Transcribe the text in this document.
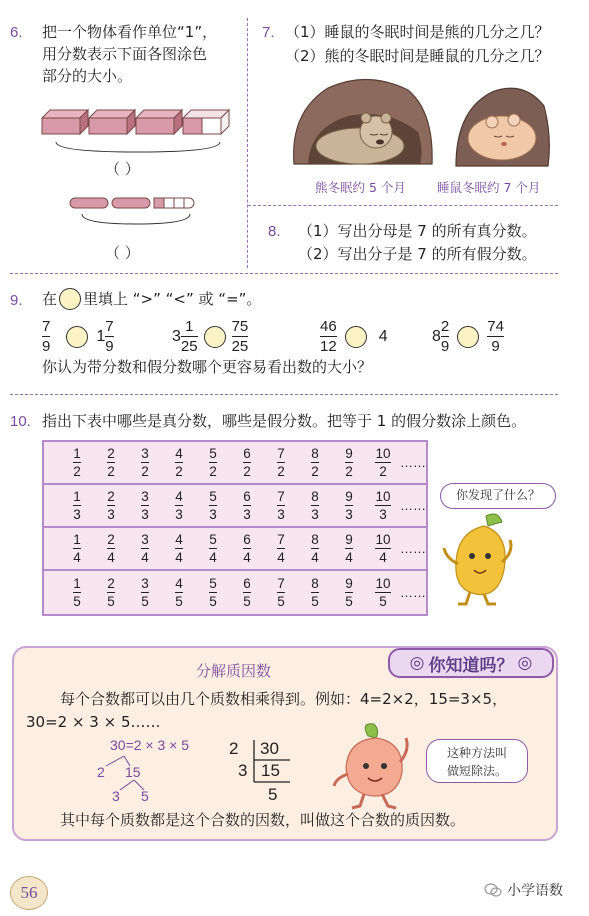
6. 把一个物体看作单位“1”，
用分数表示下面各图涂色
部分的大小。
（ ）
（ ）
7. （1）睡鼠的冬眠时间是熊的几分之几？
（2）熊的冬眠时间是睡鼠的几分之几？
熊冬眠约 5 个月 睡鼠冬眠约 7 个月
8. （1）写出分母是 7 的所有真分数。
（2）写出分子是 7 的所有假分数。
9. 在 里填上 “>” “<” 或 “=”。
$\frac{7}{9}$	$1 \frac{7}{9}$	$3 \frac{1}{25} \frac{75}{25}$	$\frac{46}{12}$	4	$8 \frac{2}{9}$	$\frac{74}{9}$
你认为带分数和假分数哪个更容易看出数的大小？
10. 指出下表中哪些是真分数，哪些是假分数。把等于 1 的假分数涂上颜色。
$\frac{1}{2} \frac{2}{2} \frac{3}{2} \frac{4}{2} \frac{5}{2} \frac{6}{2} \frac{7}{2} \frac{8}{2} \frac{9}{2} \frac{10}{2}$ ……
$\frac{1}{3} \frac{2}{3} \frac{3}{3} \frac{4}{3} \frac{5}{3} \frac{6}{3} \frac{7}{3} \frac{8}{3} \frac{9}{3} \frac{10}{3}$ ……
$\frac{1}{4} \frac{2}{4} \frac{3}{4} \frac{4}{4} \frac{5}{4} \frac{6}{4} \frac{7}{4} \frac{8}{4} \frac{9}{4} \frac{10}{4}$ ……
$\frac{1}{5} \frac{2}{5} \frac{3}{5} \frac{4}{5} \frac{5}{5} \frac{6}{5} \frac{7}{5} \frac{8}{5} \frac{9}{5} \frac{10}{5}$ ……
你发现了什么？
◎ 你知道吗？ ◎
分解质因数
每个合数都可以由几个质数相乘得到。例如：4=2×2，15=3×5，
30=2 × 3 × 5……
30=2 × 3 × 5
2 15
3 5
2 30
3 15
5
这种方法叫
做短除法。
其中每个质数都是这个合数的因数，叫做这个合数的质因数。
56	小学语数
